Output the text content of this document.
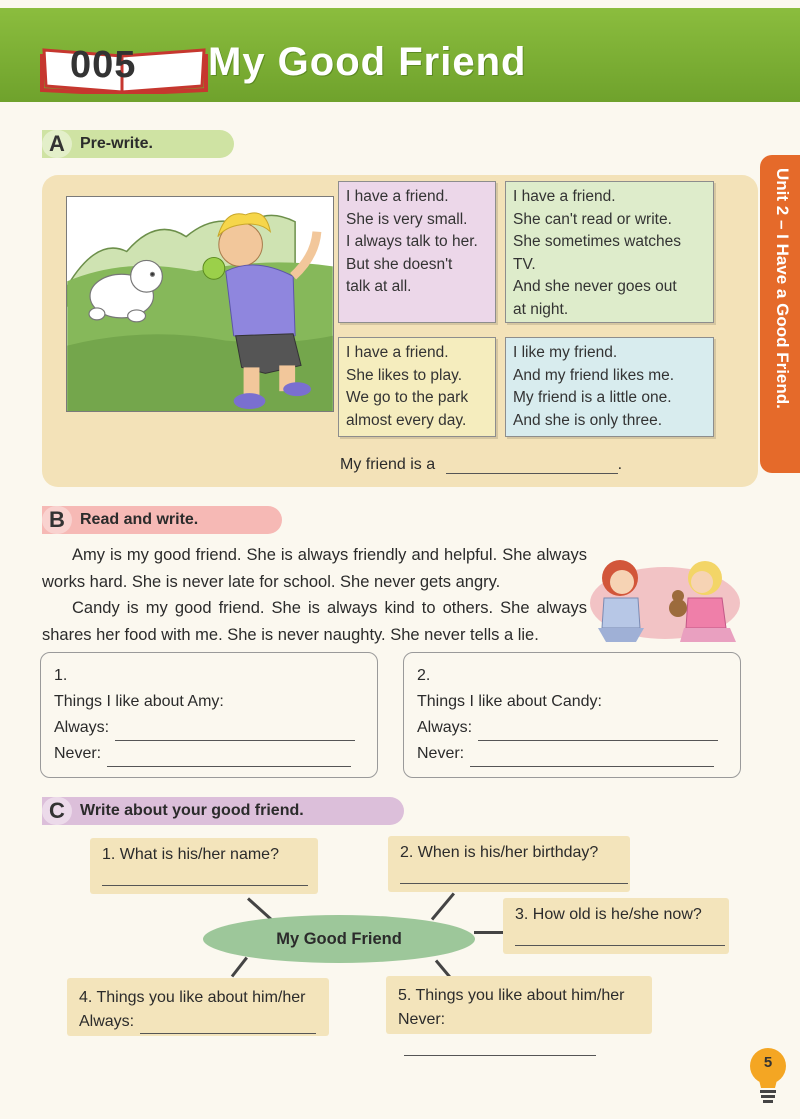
005 My Good Friend
Unit 2 – I Have a Good Friend.
A Pre-write.
I have a friend.
She is very small.
I always talk to her.
But she doesn't
talk at all.
I have a friend.
She can't read or write.
She sometimes watches
TV.
And she never goes out
at night.
I have a friend.
She likes to play.
We go to the park
almost every day.
I like my friend.
And my friend likes me.
My friend is a little one.
And she is only three.
My friend is a	.
B Read and write.

Amy is my good friend. She is always friendly and helpful. She always works hard. She is never late for school. She never gets angry.

Candy is my good friend. She is always kind to others. She always shares her food with me. She is never naughty. She never tells a lie.

1.
Things I like about Amy:
Always:
Never:
2.
Things I like about Candy:
Always:
Never:
C Write about your good friend.
1. What is his/her name?	2. When is his/her birthday?
3. How old is he/she now?
My Good Friend
4. Things you like about him/her
Always:
5. Things you like about him/her
Never:
5
